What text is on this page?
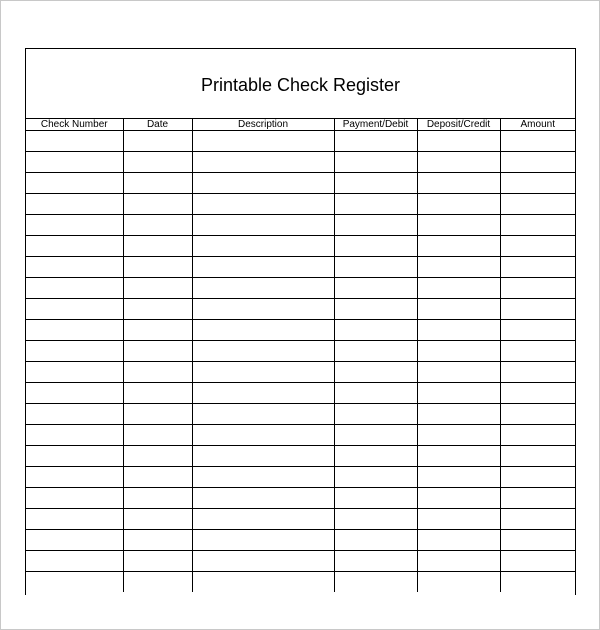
Printable Check Register
Check Number	Date	Description	Payment/Debit	Deposit/Credit	Amount
